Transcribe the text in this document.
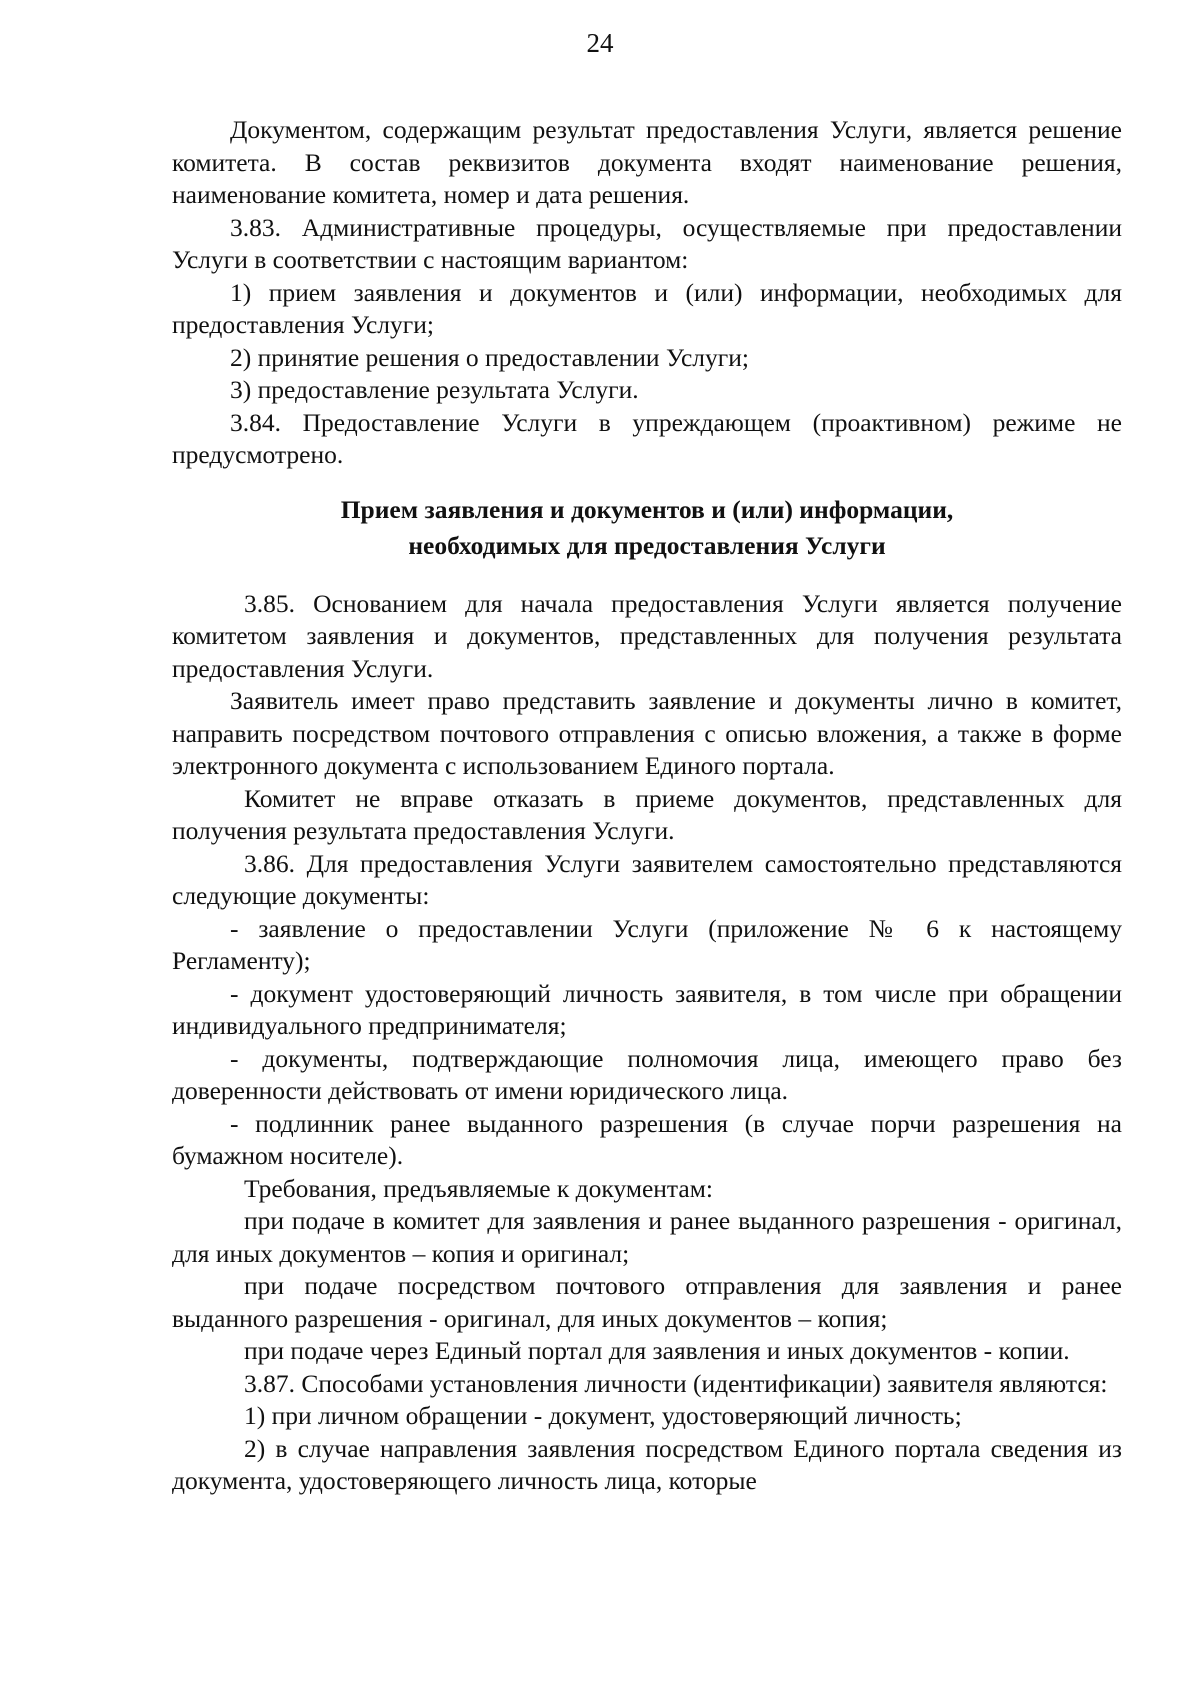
24

Документом, содержащим результат предоставления Услуги, является решение комитета. В состав реквизитов документа входят наименование решения, наименование комитета, номер и дата решения.

3.83. Административные процедуры, осуществляемые при предоставлении Услуги в соответствии с настоящим вариантом:

1) прием заявления и документов и (или) информации, необходимых для предоставления Услуги;

2) принятие решения о предоставлении Услуги;

3) предоставление результата Услуги.

3.84. Предоставление Услуги в упреждающем (проактивном) режиме не предусмотрено.

Прием заявления и документов и (или) информации,
необходимых для предоставления Услуги

3.85. Основанием для начала предоставления Услуги является получение комитетом заявления и документов, представленных для получения результата предоставления Услуги.

Заявитель имеет право представить заявление и документы лично в комитет, направить посредством почтового отправления с описью вложения, а также в форме электронного документа с использованием Единого портала.

Комитет не вправе отказать в приеме документов, представленных для получения результата предоставления Услуги.

3.86. Для предоставления Услуги заявителем самостоятельно представляются следующие документы:

- заявление о предоставлении Услуги (приложение № 6 к настоящему Регламенту);

- документ удостоверяющий личность заявителя, в том числе при обращении индивидуального предпринимателя;

- документы, подтверждающие полномочия лица, имеющего право без доверенности действовать от имени юридического лица.

- подлинник ранее выданного разрешения (в случае порчи разрешения на бумажном носителе).

Требования, предъявляемые к документам:

при подаче в комитет для заявления и ранее выданного разрешения - оригинал, для иных документов – копия и оригинал;

при подаче посредством почтового отправления для заявления и ранее выданного разрешения - оригинал, для иных документов – копия;

при подаче через Единый портал для заявления и иных документов - копии.

3.87. Способами установления личности (идентификации) заявителя являются:

1) при личном обращении - документ, удостоверяющий личность;

2) в случае направления заявления посредством Единого портала сведения из документа, удостоверяющего личность лица, которые
